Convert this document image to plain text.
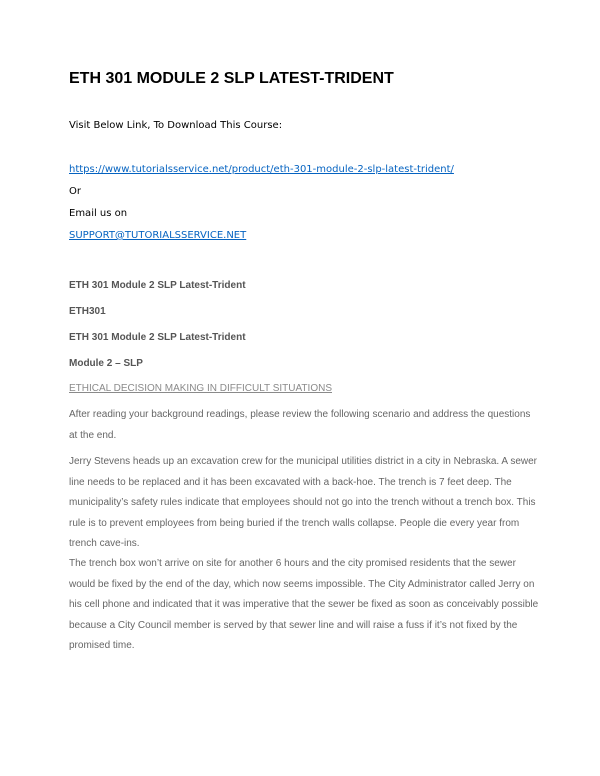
ETH 301 MODULE 2 SLP LATEST-TRIDENT

Visit Below Link, To Download This Course:

https://www.tutorialsservice.net/product/eth-301-module-2-slp-latest-trident/

Or

Email us on

SUPPORT@TUTORIALSSERVICE.NET

ETH 301 Module 2 SLP Latest-Trident

ETH301

ETH 301 Module 2 SLP Latest-Trident

Module 2 – SLP

ETHICAL DECISION MAKING IN DIFFICULT SITUATIONS

After reading your background readings, please review the following scenario and address the questions at the end.

Jerry Stevens heads up an excavation crew for the municipal utilities district in a city in Nebraska. A sewer line needs to be replaced and it has been excavated with a back-hoe. The trench is 7 feet deep. The municipality’s safety rules indicate that employees should not go into the trench without a trench box. This rule is to prevent employees from being buried if the trench walls collapse. People die every year from trench cave-ins.

The trench box won’t arrive on site for another 6 hours and the city promised residents that the sewer would be fixed by the end of the day, which now seems impossible. The City Administrator called Jerry on his cell phone and indicated that it was imperative that the sewer be fixed as soon as conceivably possible because a City Council member is served by that sewer line and will raise a fuss if it’s not fixed by the promised time.
